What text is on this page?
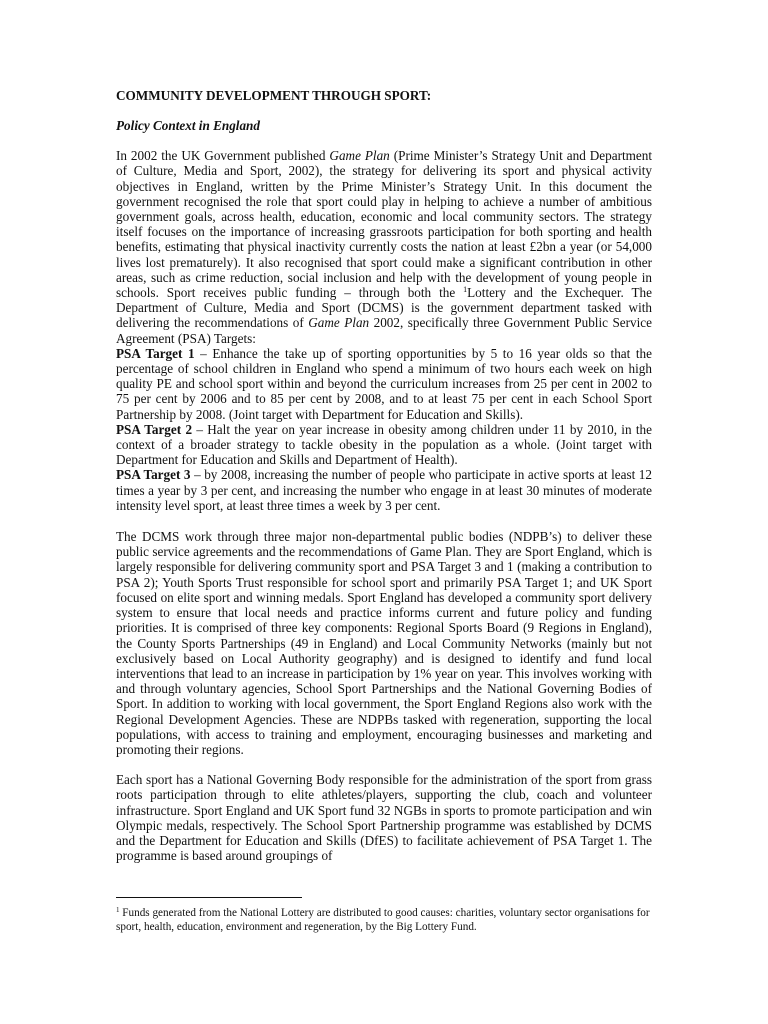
COMMUNITY DEVELOPMENT THROUGH SPORT:

Policy Context in England

In 2002 the UK Government published Game Plan (Prime Minister’s Strategy Unit and Department of Culture, Media and Sport, 2002), the strategy for delivering its sport and physical activity objectives in England, written by the Prime Minister’s Strategy Unit. In this document the government recognised the role that sport could play in helping to achieve a number of ambitious government goals, across health, education, economic and local community sectors. The strategy itself focuses on the importance of increasing grassroots participation for both sporting and health benefits, estimating that physical inactivity currently costs the nation at least £2bn a year (or 54,000 lives lost prematurely). It also recognised that sport could make a significant contribution in other areas, such as crime reduction, social inclusion and help with the development of young people in schools. Sport receives public funding – through both the $^1$Lottery and the Exchequer. The Department of Culture, Media and Sport (DCMS) is the government department tasked with delivering the recommendations of Game Plan 2002, specifically three Government Public Service Agreement (PSA) Targets:

PSA Target 1 – Enhance the take up of sporting opportunities by 5 to 16 year olds so that the percentage of school children in England who spend a minimum of two hours each week on high quality PE and school sport within and beyond the curriculum increases from 25 per cent in 2002 to 75 per cent by 2006 and to 85 per cent by 2008, and to at least 75 per cent in each School Sport Partnership by 2008. (Joint target with Department for Education and Skills).

PSA Target 2 – Halt the year on year increase in obesity among children under 11 by 2010, in the context of a broader strategy to tackle obesity in the population as a whole. (Joint target with Department for Education and Skills and Department of Health).

PSA Target 3 – by 2008, increasing the number of people who participate in active sports at least 12 times a year by 3 per cent, and increasing the number who engage in at least 30 minutes of moderate intensity level sport, at least three times a week by 3 per cent.

The DCMS work through three major non-departmental public bodies (NDPB’s) to deliver these public service agreements and the recommendations of Game Plan. They are Sport England, which is largely responsible for delivering community sport and PSA Target 3 and 1 (making a contribution to PSA 2); Youth Sports Trust responsible for school sport and primarily PSA Target 1; and UK Sport focused on elite sport and winning medals. Sport England has developed a community sport delivery system to ensure that local needs and practice informs current and future policy and funding priorities. It is comprised of three key components: Regional Sports Board (9 Regions in England), the County Sports Partnerships (49 in England) and Local Community Networks (mainly but not exclusively based on Local Authority geography) and is designed to identify and fund local interventions that lead to an increase in participation by 1% year on year. This involves working with and through voluntary agencies, School Sport Partnerships and the National Governing Bodies of Sport. In addition to working with local government, the Sport England Regions also work with the Regional Development Agencies. These are NDPBs tasked with regeneration, supporting the local populations, with access to training and employment, encouraging businesses and marketing and promoting their regions.

Each sport has a National Governing Body responsible for the administration of the sport from grass roots participation through to elite athletes/players, supporting the club, coach and volunteer infrastructure. Sport England and UK Sport fund 32 NGBs in sports to promote participation and win Olympic medals, respectively. The School Sport Partnership programme was established by DCMS and the Department for Education and Skills (DfES) to facilitate achievement of PSA Target 1. The programme is based around groupings of

$^1$ Funds generated from the National Lottery are distributed to good causes: charities, voluntary sector organisations for sport, health, education, environment and regeneration, by the Big Lottery Fund.
